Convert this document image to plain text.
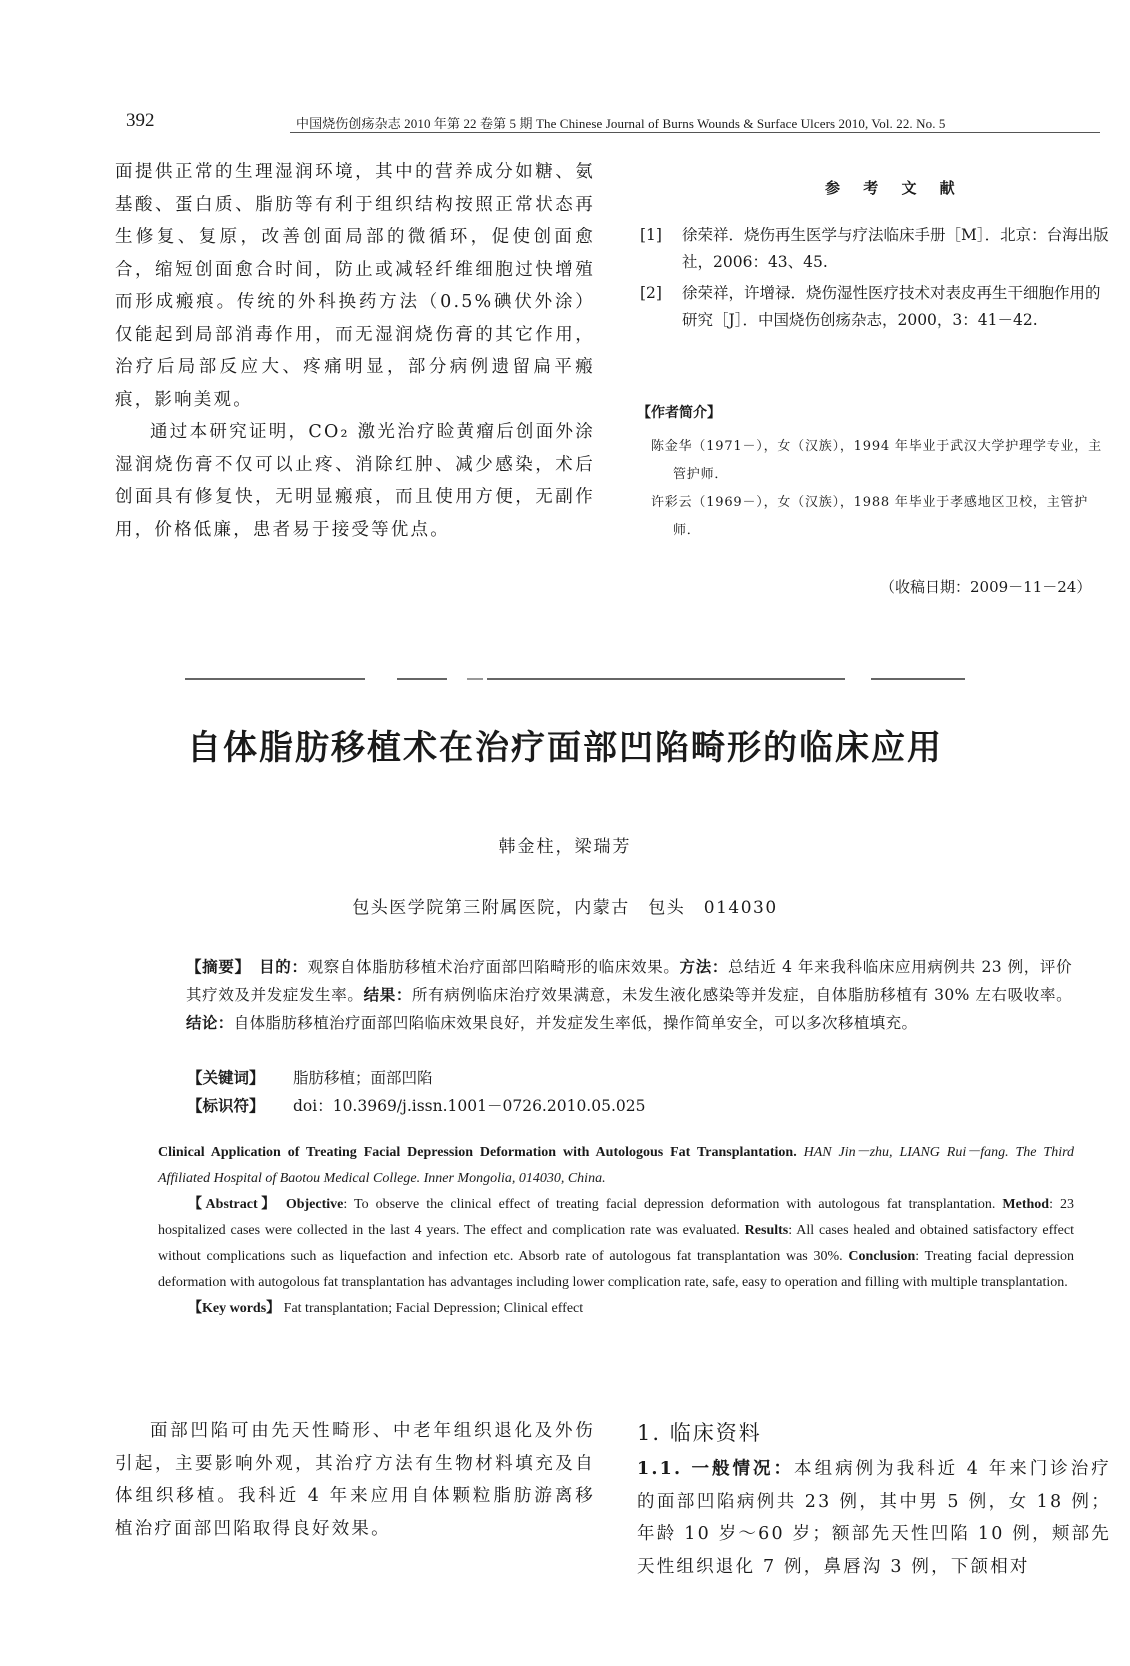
392	中国烧伤创疡杂志 2010 年第 22 卷第 5 期 The Chinese Journal of Burns Wounds & Surface Ulcers 2010, Vol. 22. No. 5

面提供正常的生理湿润环境，其中的营养成分如糖、氨基酸、蛋白质、脂肪等有利于组织结构按照正常状态再生修复、复原，改善创面局部的微循环，促使创面愈合，缩短创面愈合时间，防止或减轻纤维细胞过快增殖而形成瘢痕。传统的外科换药方法（0.5%碘伏外涂）仅能起到局部消毒作用，而无湿润烧伤膏的其它作用，治疗后局部反应大、疼痛明显，部分病例遗留扁平瘢痕，影响美观。

通过本研究证明，CO₂ 激光治疗睑黄瘤后创面外涂湿润烧伤膏不仅可以止疼、消除红肿、减少感染，术后创面具有修复快，无明显瘢痕，而且使用方便，无副作用，价格低廉，患者易于接受等优点。

参 考 文 献
[1]	徐荣祥．烧伤再生医学与疗法临床手册［M］．北京：台海出版社，2006：43、45.
[2]	徐荣祥，许增禄．烧伤湿性医疗技术对表皮再生干细胞作用的研究［J］．中国烧伤创疡杂志，2000，3：41－42.
【作者简介】
陈金华（1971－），女（汉族），1994 年毕业于武汉大学护理学专业，主管护师．
许彩云（1969－），女（汉族），1988 年毕业于孝感地区卫校，主管护师．
（收稿日期：2009－11－24）
自体脂肪移植术在治疗面部凹陷畸形的临床应用
韩金柱，梁瑞芳
包头医学院第三附属医院，内蒙古　包头　014030
【摘要】　 目的：观察自体脂肪移植术治疗面部凹陷畸形的临床效果。方法：总结近 4 年来我科临床应用病例共 23 例，评价其疗效及并发症发生率。结果：所有病例临床治疗效果满意，未发生液化感染等并发症，自体脂肪移植有 30% 左右吸收率。结论：自体脂肪移植治疗面部凹陷临床效果良好，并发症发生率低，操作简单安全，可以多次移植填充。
【关键词】 脂肪移植；面部凹陷
【标识符】 doi：10.3969/j.issn.1001－0726.2010.05.025

Clinical Application of Treating Facial Depression Deformation with Autologous Fat Transplantation. HAN Jin－zhu, LIANG Rui－fang. The Third Affiliated Hospital of Baotou Medical College. Inner Mongolia, 014030, China.

【Abstract】 Objective: To observe the clinical effect of treating facial depression deformation with autologous fat transplantation. Method: 23 hospitalized cases were collected in the last 4 years. The effect and complication rate was evaluated. Results: All cases healed and obtained satisfactory effect without complications such as liquefaction and infection etc. Absorb rate of autologous fat transplantation was 30%. Conclusion: Treating facial depression deformation with autogolous fat transplantation has advantages including lower complication rate, safe, easy to operation and filling with multiple transplantation.

【Key words】 Fat transplantation; Facial Depression; Clinical effect

面部凹陷可由先天性畸形、中老年组织退化及外伤引起，主要影响外观，其治疗方法有生物材料填充及自体组织移植。我科近 4 年来应用自体颗粒脂肪游离移植治疗面部凹陷取得良好效果。

1. 临床资料

1.1. 一般情况：本组病例为我科近 4 年来门诊治疗的面部凹陷病例共 23 例，其中男 5 例，女 18 例；年龄 10 岁～60 岁；额部先天性凹陷 10 例，颊部先天性组织退化 7 例，鼻唇沟 3 例，下颌相对
